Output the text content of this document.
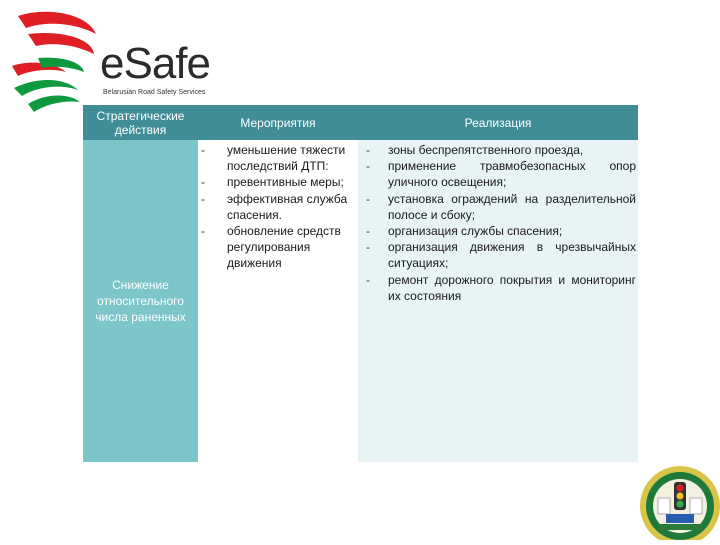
eSafe
Belarusian Road Safety Services
Стратегические действия	Мероприятия	Реализация
Снижение относительного числа раненных
- уменьшение тяжести последствий ДТП:
- превентивные меры;
- эффективная служба спасения.
- обновление средств регулирования движения
- зоны беспрепятственного проезда,
- применение травмобезопасных опор уличного освещения;
- установка ограждений на разделительной полосе и сбоку;
- организация службы спасения;
- организация движения в чрезвычайных ситуациях;
- ремонт дорожного покрытия и мониторинг их состояния
